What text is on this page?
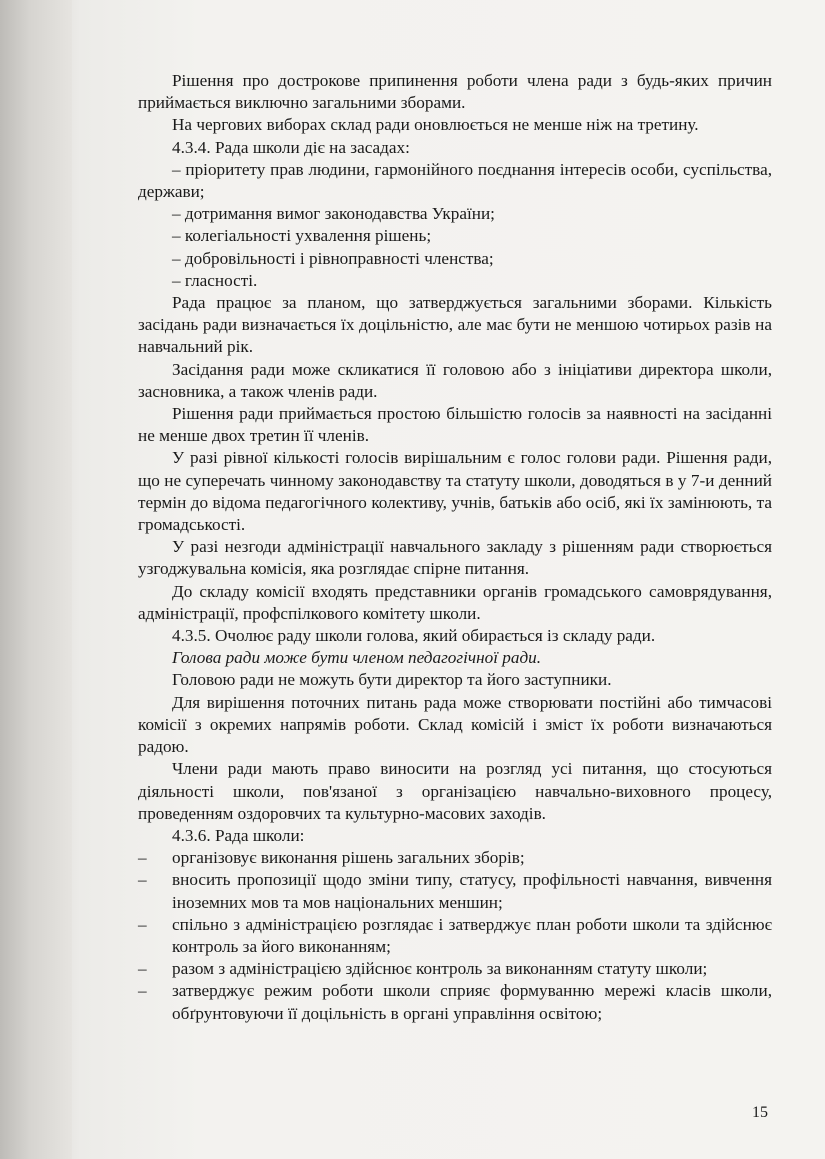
Рішення про дострокове припинення роботи члена ради з будь-яких причин приймається виключно загальними зборами.

На чергових виборах склад ради оновлюється не менше ніж на третину.

4.3.4. Рада школи діє на засадах:

– пріоритету прав людини, гармонійного поєднання інтересів особи, суспільства, держави;

– дотримання вимог законодавства України;

– колегіальності ухвалення рішень;

– добровільності і рівноправності членства;

– гласності.

Рада працює за планом, що затверджується загальними зборами. Кількість засідань ради визначається їх доцільністю, але має бути не меншою чотирьох разів на навчальний рік.

Засідання ради може скликатися її головою або з ініціативи директора школи, засновника, а також членів ради.

Рішення ради приймається простою більшістю голосів за наявності на засіданні не менше двох третин її членів.

У разі рівної кількості голосів вирішальним є голос голови ради. Рішення ради, що не суперечать чинному законодавству та статуту школи, доводяться в у 7-и денний термін до відома педагогічного колективу, учнів, батьків або осіб, які їх замінюють, та громадськості.

У разі незгоди адміністрації навчального закладу з рішенням ради створюється узгоджувальна комісія, яка розглядає спірне питання.

До складу комісії входять представники органів громадського самоврядування, адміністрації, профспілкового комітету школи.

4.3.5. Очолює раду школи голова, який обирається із складу ради.

Голова ради може бути членом педагогічної ради.

Головою ради не можуть бути директор та його заступники.

Для вирішення поточних питань рада може створювати постійні або тимчасові комісії з окремих напрямів роботи. Склад комісій і зміст їх роботи визначаються радою.

Члени ради мають право виносити на розгляд усі питання, що стосуються діяльності школи, пов'язаної з організацією навчально-виховного процесу, проведенням оздоровчих та культурно-масових заходів.

4.3.6. Рада школи:

–	організовує виконання рішень загальних зборів;
–	вносить пропозиції щодо зміни типу, статусу, профільності навчання, вивчення іноземних мов та мов національних меншин;
–	спільно з адміністрацією розглядає і затверджує план роботи школи та здійснює контроль за його виконанням;
–	разом з адміністрацією здійснює контроль за виконанням статуту школи;
–	затверджує режим роботи школи сприяє формуванню мережі класів школи, обґрунтовуючи її доцільність в органі управління освітою;
15
